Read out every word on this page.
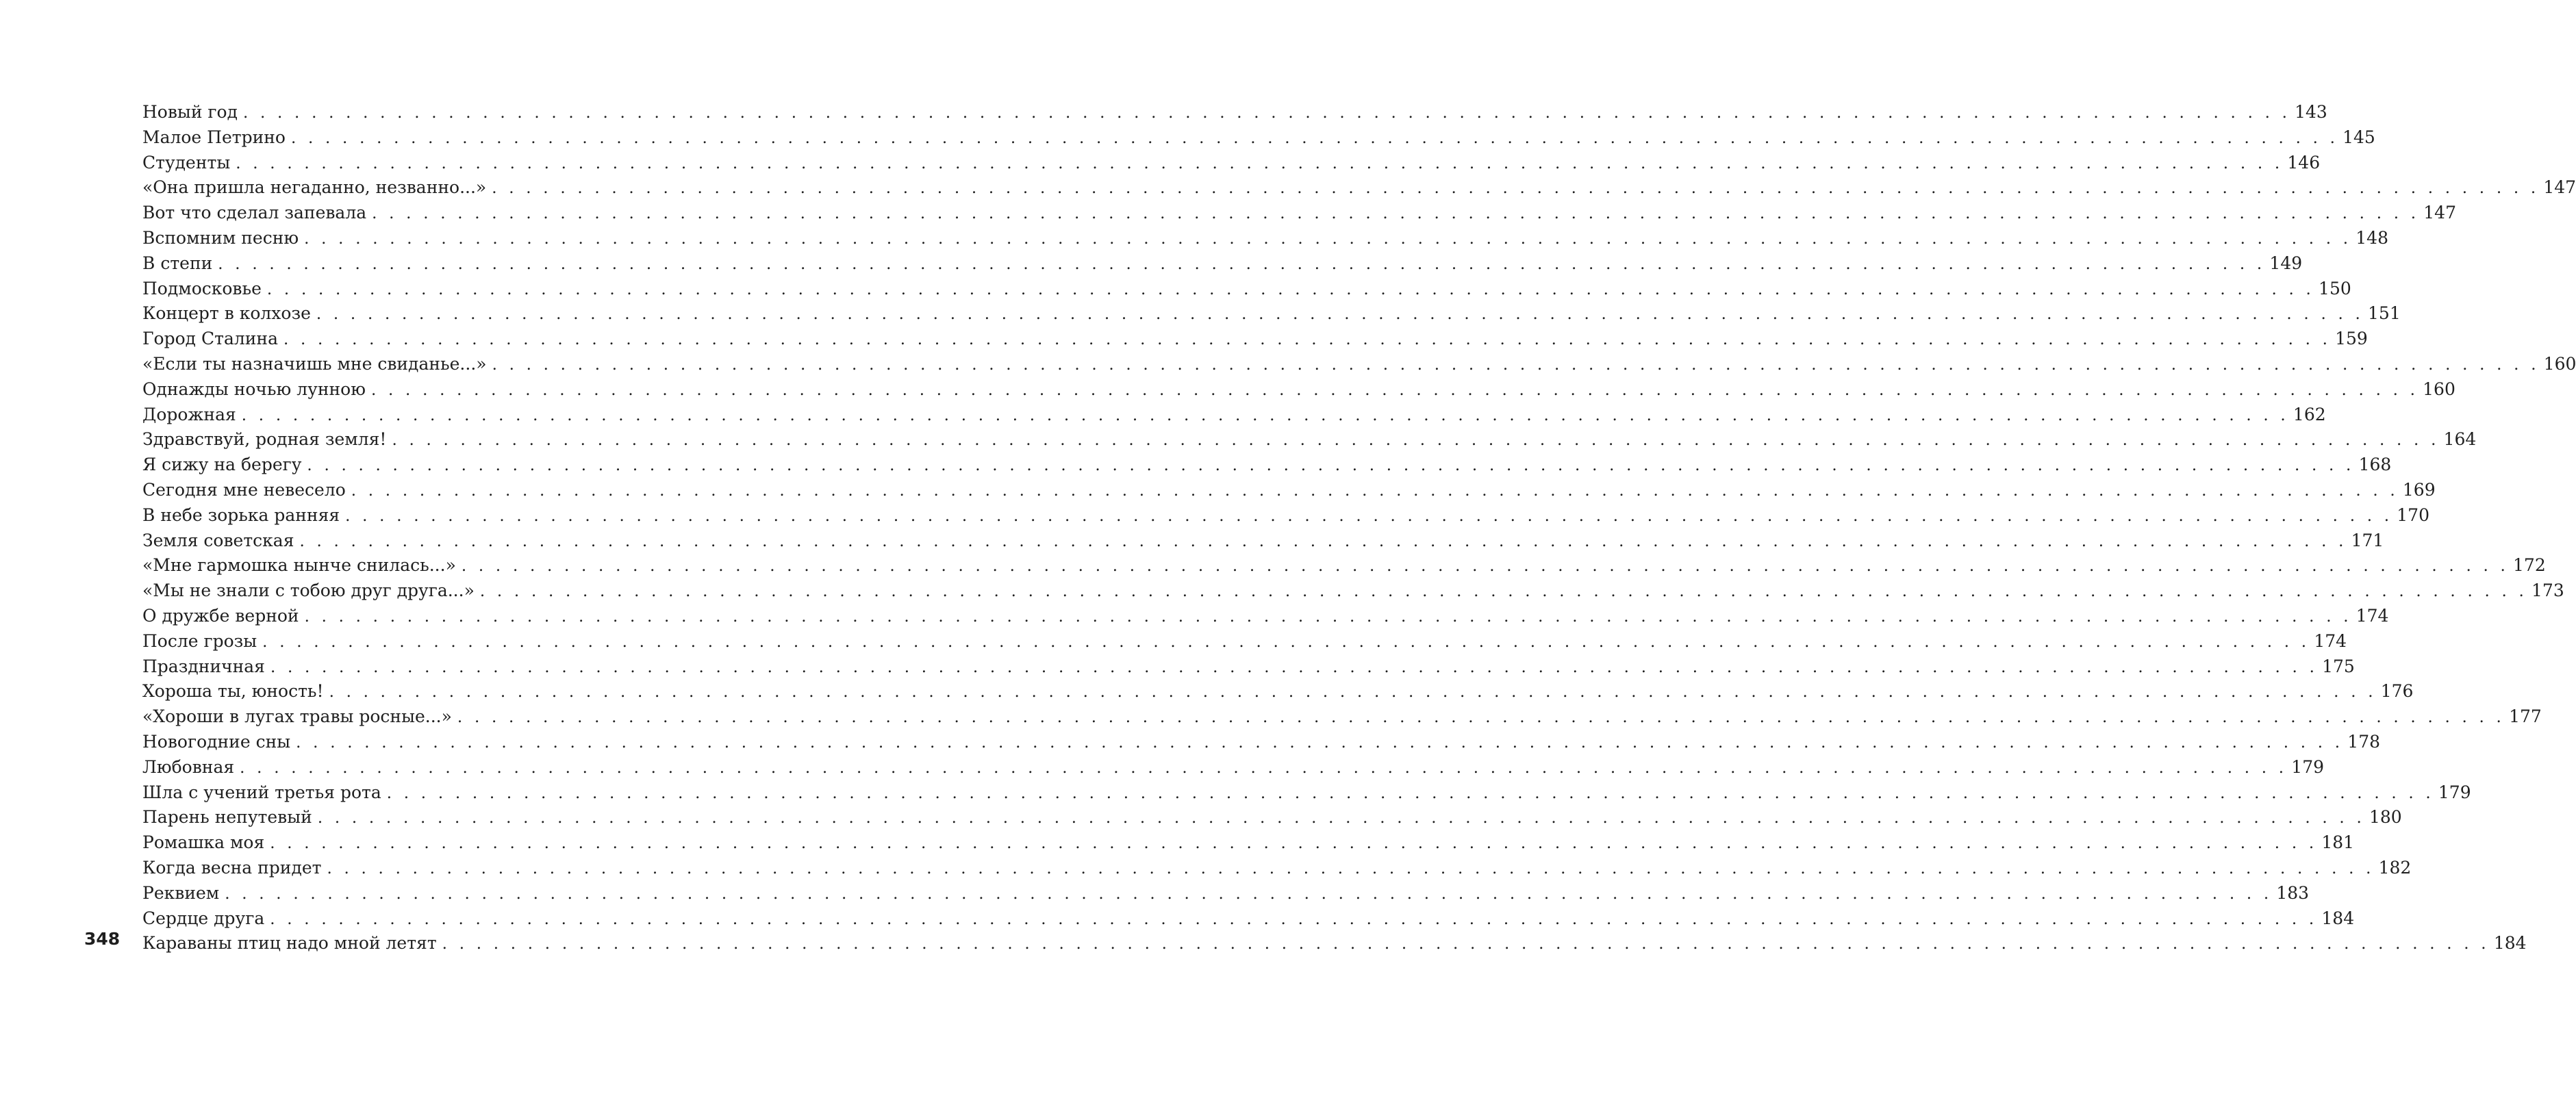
Новый год . . . . . . . . . . . . . . . . . . . . . . . . . . . . . . . . . . . . . . . . . . . . . . . . . . . . . . . . . . . . . . . . . . . . . . . . . . . . . . . . . . . . . . . . . . . . . . . . . . . . . . . . . . . . . . . . . . . . . . . . 143
Малое Петрино . . . . . . . . . . . . . . . . . . . . . . . . . . . . . . . . . . . . . . . . . . . . . . . . . . . . . . . . . . . . . . . . . . . . . . . . . . . . . . . . . . . . . . . . . . . . . . . . . . . . . . . . . . . . . . . . . . . . . . . . 145
Студенты . . . . . . . . . . . . . . . . . . . . . . . . . . . . . . . . . . . . . . . . . . . . . . . . . . . . . . . . . . . . . . . . . . . . . . . . . . . . . . . . . . . . . . . . . . . . . . . . . . . . . . . . . . . . . . . . . . . . . . . . 146
«Она пришла негаданно, незванно...» . . . . . . . . . . . . . . . . . . . . . . . . . . . . . . . . . . . . . . . . . . . . . . . . . . . . . . . . . . . . . . . . . . . . . . . . . . . . . . . . . . . . . . . . . . . . . . . . . . . . . . . . . . . . . . . . . . . . . . . . 147
Вот что сделал запевала . . . . . . . . . . . . . . . . . . . . . . . . . . . . . . . . . . . . . . . . . . . . . . . . . . . . . . . . . . . . . . . . . . . . . . . . . . . . . . . . . . . . . . . . . . . . . . . . . . . . . . . . . . . . . . . . . . . . . . . . 147
Вспомним песню . . . . . . . . . . . . . . . . . . . . . . . . . . . . . . . . . . . . . . . . . . . . . . . . . . . . . . . . . . . . . . . . . . . . . . . . . . . . . . . . . . . . . . . . . . . . . . . . . . . . . . . . . . . . . . . . . . . . . . . . 148
В степи . . . . . . . . . . . . . . . . . . . . . . . . . . . . . . . . . . . . . . . . . . . . . . . . . . . . . . . . . . . . . . . . . . . . . . . . . . . . . . . . . . . . . . . . . . . . . . . . . . . . . . . . . . . . . . . . . . . . . . . . 149
Подмосковье . . . . . . . . . . . . . . . . . . . . . . . . . . . . . . . . . . . . . . . . . . . . . . . . . . . . . . . . . . . . . . . . . . . . . . . . . . . . . . . . . . . . . . . . . . . . . . . . . . . . . . . . . . . . . . . . . . . . . . . . 150
Концерт в колхозе . . . . . . . . . . . . . . . . . . . . . . . . . . . . . . . . . . . . . . . . . . . . . . . . . . . . . . . . . . . . . . . . . . . . . . . . . . . . . . . . . . . . . . . . . . . . . . . . . . . . . . . . . . . . . . . . . . . . . . . . 151
Город Сталина . . . . . . . . . . . . . . . . . . . . . . . . . . . . . . . . . . . . . . . . . . . . . . . . . . . . . . . . . . . . . . . . . . . . . . . . . . . . . . . . . . . . . . . . . . . . . . . . . . . . . . . . . . . . . . . . . . . . . . . . 159
«Если ты назначишь мне свиданье...» . . . . . . . . . . . . . . . . . . . . . . . . . . . . . . . . . . . . . . . . . . . . . . . . . . . . . . . . . . . . . . . . . . . . . . . . . . . . . . . . . . . . . . . . . . . . . . . . . . . . . . . . . . . . . . . . . . . . . . . . 160
Однажды ночью лунною . . . . . . . . . . . . . . . . . . . . . . . . . . . . . . . . . . . . . . . . . . . . . . . . . . . . . . . . . . . . . . . . . . . . . . . . . . . . . . . . . . . . . . . . . . . . . . . . . . . . . . . . . . . . . . . . . . . . . . . . 160
Дорожная . . . . . . . . . . . . . . . . . . . . . . . . . . . . . . . . . . . . . . . . . . . . . . . . . . . . . . . . . . . . . . . . . . . . . . . . . . . . . . . . . . . . . . . . . . . . . . . . . . . . . . . . . . . . . . . . . . . . . . . . 162
Здравствуй, родная земля! . . . . . . . . . . . . . . . . . . . . . . . . . . . . . . . . . . . . . . . . . . . . . . . . . . . . . . . . . . . . . . . . . . . . . . . . . . . . . . . . . . . . . . . . . . . . . . . . . . . . . . . . . . . . . . . . . . . . . . . . 164
Я сижу на берегу . . . . . . . . . . . . . . . . . . . . . . . . . . . . . . . . . . . . . . . . . . . . . . . . . . . . . . . . . . . . . . . . . . . . . . . . . . . . . . . . . . . . . . . . . . . . . . . . . . . . . . . . . . . . . . . . . . . . . . . . 168
Сегодня мне невесело . . . . . . . . . . . . . . . . . . . . . . . . . . . . . . . . . . . . . . . . . . . . . . . . . . . . . . . . . . . . . . . . . . . . . . . . . . . . . . . . . . . . . . . . . . . . . . . . . . . . . . . . . . . . . . . . . . . . . . . . 169
В небе зорька ранняя . . . . . . . . . . . . . . . . . . . . . . . . . . . . . . . . . . . . . . . . . . . . . . . . . . . . . . . . . . . . . . . . . . . . . . . . . . . . . . . . . . . . . . . . . . . . . . . . . . . . . . . . . . . . . . . . . . . . . . . . 170
Земля советская . . . . . . . . . . . . . . . . . . . . . . . . . . . . . . . . . . . . . . . . . . . . . . . . . . . . . . . . . . . . . . . . . . . . . . . . . . . . . . . . . . . . . . . . . . . . . . . . . . . . . . . . . . . . . . . . . . . . . . . . 171
«Мне гармошка нынче снилась...» . . . . . . . . . . . . . . . . . . . . . . . . . . . . . . . . . . . . . . . . . . . . . . . . . . . . . . . . . . . . . . . . . . . . . . . . . . . . . . . . . . . . . . . . . . . . . . . . . . . . . . . . . . . . . . . . . . . . . . . . 172
«Мы не знали с тобою друг друга...» . . . . . . . . . . . . . . . . . . . . . . . . . . . . . . . . . . . . . . . . . . . . . . . . . . . . . . . . . . . . . . . . . . . . . . . . . . . . . . . . . . . . . . . . . . . . . . . . . . . . . . . . . . . . . . . . . . . . . . . . 173
О дружбе верной . . . . . . . . . . . . . . . . . . . . . . . . . . . . . . . . . . . . . . . . . . . . . . . . . . . . . . . . . . . . . . . . . . . . . . . . . . . . . . . . . . . . . . . . . . . . . . . . . . . . . . . . . . . . . . . . . . . . . . . . 174
После грозы . . . . . . . . . . . . . . . . . . . . . . . . . . . . . . . . . . . . . . . . . . . . . . . . . . . . . . . . . . . . . . . . . . . . . . . . . . . . . . . . . . . . . . . . . . . . . . . . . . . . . . . . . . . . . . . . . . . . . . . . 174
Праздничная . . . . . . . . . . . . . . . . . . . . . . . . . . . . . . . . . . . . . . . . . . . . . . . . . . . . . . . . . . . . . . . . . . . . . . . . . . . . . . . . . . . . . . . . . . . . . . . . . . . . . . . . . . . . . . . . . . . . . . . . 175
Хороша ты, юность! . . . . . . . . . . . . . . . . . . . . . . . . . . . . . . . . . . . . . . . . . . . . . . . . . . . . . . . . . . . . . . . . . . . . . . . . . . . . . . . . . . . . . . . . . . . . . . . . . . . . . . . . . . . . . . . . . . . . . . . . 176
«Хороши в лугах травы росные...» . . . . . . . . . . . . . . . . . . . . . . . . . . . . . . . . . . . . . . . . . . . . . . . . . . . . . . . . . . . . . . . . . . . . . . . . . . . . . . . . . . . . . . . . . . . . . . . . . . . . . . . . . . . . . . . . . . . . . . . . 177
Новогодние сны . . . . . . . . . . . . . . . . . . . . . . . . . . . . . . . . . . . . . . . . . . . . . . . . . . . . . . . . . . . . . . . . . . . . . . . . . . . . . . . . . . . . . . . . . . . . . . . . . . . . . . . . . . . . . . . . . . . . . . . . 178
Любовная . . . . . . . . . . . . . . . . . . . . . . . . . . . . . . . . . . . . . . . . . . . . . . . . . . . . . . . . . . . . . . . . . . . . . . . . . . . . . . . . . . . . . . . . . . . . . . . . . . . . . . . . . . . . . . . . . . . . . . . . 179
Шла с учений третья рота . . . . . . . . . . . . . . . . . . . . . . . . . . . . . . . . . . . . . . . . . . . . . . . . . . . . . . . . . . . . . . . . . . . . . . . . . . . . . . . . . . . . . . . . . . . . . . . . . . . . . . . . . . . . . . . . . . . . . . . . 179
Парень непутевый . . . . . . . . . . . . . . . . . . . . . . . . . . . . . . . . . . . . . . . . . . . . . . . . . . . . . . . . . . . . . . . . . . . . . . . . . . . . . . . . . . . . . . . . . . . . . . . . . . . . . . . . . . . . . . . . . . . . . . . . 180
Ромашка моя . . . . . . . . . . . . . . . . . . . . . . . . . . . . . . . . . . . . . . . . . . . . . . . . . . . . . . . . . . . . . . . . . . . . . . . . . . . . . . . . . . . . . . . . . . . . . . . . . . . . . . . . . . . . . . . . . . . . . . . . 181
Когда весна придет . . . . . . . . . . . . . . . . . . . . . . . . . . . . . . . . . . . . . . . . . . . . . . . . . . . . . . . . . . . . . . . . . . . . . . . . . . . . . . . . . . . . . . . . . . . . . . . . . . . . . . . . . . . . . . . . . . . . . . . . 182
Реквием . . . . . . . . . . . . . . . . . . . . . . . . . . . . . . . . . . . . . . . . . . . . . . . . . . . . . . . . . . . . . . . . . . . . . . . . . . . . . . . . . . . . . . . . . . . . . . . . . . . . . . . . . . . . . . . . . . . . . . . . 183
Сердце друга . . . . . . . . . . . . . . . . . . . . . . . . . . . . . . . . . . . . . . . . . . . . . . . . . . . . . . . . . . . . . . . . . . . . . . . . . . . . . . . . . . . . . . . . . . . . . . . . . . . . . . . . . . . . . . . . . . . . . . . . 184
Караваны птиц надо мной летят . . . . . . . . . . . . . . . . . . . . . . . . . . . . . . . . . . . . . . . . . . . . . . . . . . . . . . . . . . . . . . . . . . . . . . . . . . . . . . . . . . . . . . . . . . . . . . . . . . . . . . . . . . . . . . . . . . . . . . . . 184
348
